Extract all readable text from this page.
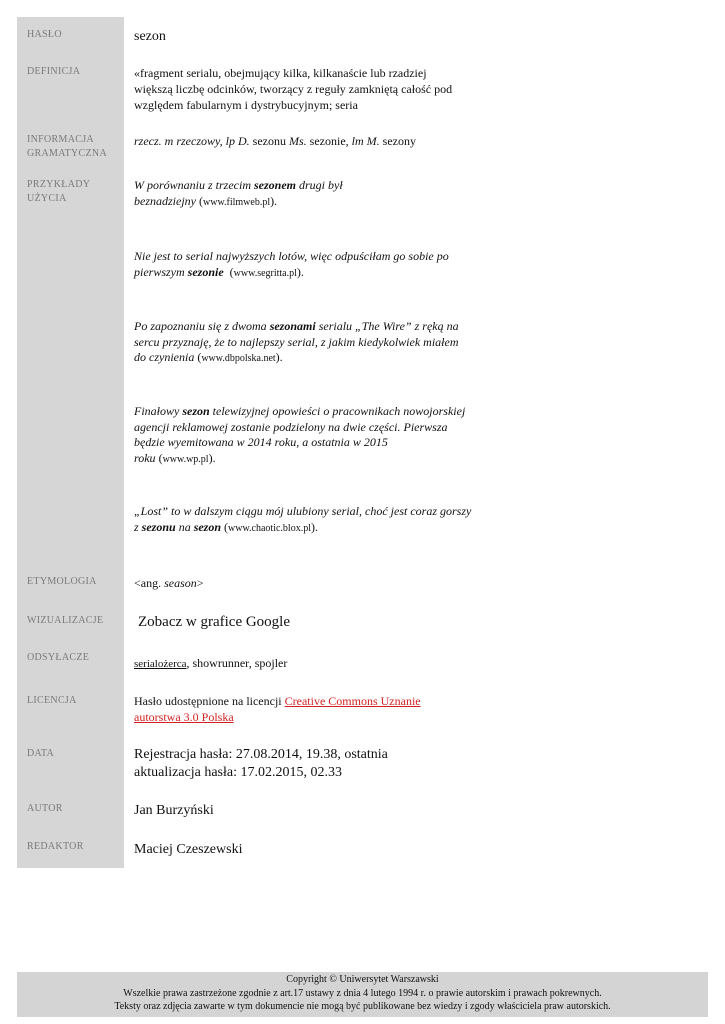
HASŁO
DEFINICJA
INFORMACJA
GRAMATYCZNA
PRZYKŁADY
UŻYCIA
ETYMOLOGIA
WIZUALIZACJE
ODSYŁACZE
LICENCJA
DATA
AUTOR
REDAKTOR
sezon
«fragment serialu, obejmujący kilka, kilkanaście lub rzadziej
większą liczbę odcinków, tworzący z reguły zamkniętą całość pod
względem fabularnym i dystrybucyjnym; seria
rzecz. m rzeczowy, lp D. sezonu Ms. sezonie, lm M. sezony
W porównaniu z trzecim sezonem drugi był
beznadziejny (www.filmweb.pl).
Nie jest to serial najwyższych lotów, więc odpuściłam go sobie po
pierwszym sezonie (www.segritta.pl).
Po zapoznaniu się z dwoma sezonami serialu „The Wire” z ręką na
sercu przyznaję, że to najlepszy serial, z jakim kiedykolwiek miałem
do czynienia (www.dbpolska.net).
Finałowy sezon telewizyjnej opowieści o pracownikach nowojorskiej
agencji reklamowej zostanie podzielony na dwie części. Pierwsza
będzie wyemitowana w 2014 roku, a ostatnia w 2015
roku (www.wp.pl).
„Lost” to w dalszym ciągu mój ulubiony serial, choć jest coraz gorszy
z sezonu na sezon (www.chaotic.blox.pl).
<ang. season>
Zobacz w grafice Google
serialożerca, showrunner, spojler
Hasło udostępnione na licencji Creative Commons Uznanie
autorstwa 3.0 Polska
Rejestracja hasła: 27.08.2014, 19.38, ostatnia
aktualizacja hasła: 17.02.2015, 02.33
Jan Burzyński
Maciej Czeszewski
Copyright © Uniwersytet Warszawski
Wszelkie prawa zastrzeżone zgodnie z art.17 ustawy z dnia 4 lutego 1994 r. o prawie autorskim i prawach pokrewnych.
Teksty oraz zdjęcia zawarte w tym dokumencie nie mogą być publikowane bez wiedzy i zgody właściciela praw autorskich.
